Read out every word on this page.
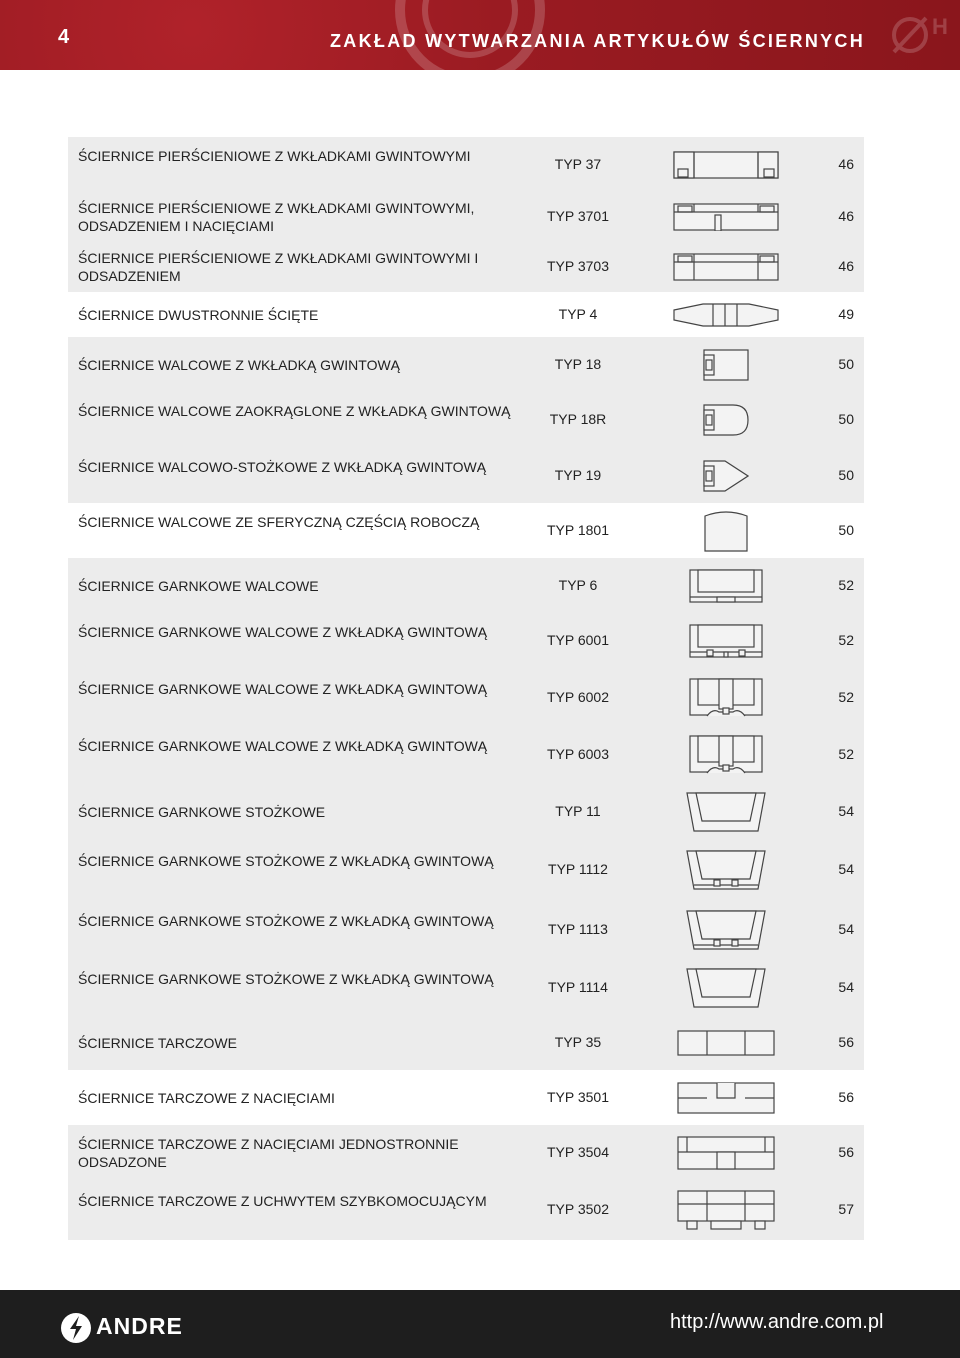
H
4	ZAKŁAD WYTWARZANIA ARTYKUŁÓW ŚCIERNYCH
ŚCIERNICE PIERŚCIENIOWE Z WKŁADKAMI GWINTOWYMI	TYP 37	46
ŚCIERNICE PIERŚCIENIOWE Z WKŁADKAMI GWINTOWYMI, ODSADZENIEM I NACIĘCIAMI
TYP 3701	46
ŚCIERNICE PIERŚCIENIOWE Z WKŁADKAMI GWINTOWYMI I ODSADZENIEM
TYP 3703	46
ŚCIERNICE DWUSTRONNIE ŚCIĘTE	TYP 4	49
ŚCIERNICE WALCOWE Z WKŁADKĄ GWINTOWĄ	TYP 18	50
ŚCIERNICE WALCOWE ZAOKRĄGLONE Z WKŁADKĄ GWINTOWĄ	TYP 18R	50
ŚCIERNICE WALCOWO-STOŻKOWE Z WKŁADKĄ GWINTOWĄ	TYP 19	50
ŚCIERNICE WALCOWE ZE SFERYCZNĄ CZĘŚCIĄ ROBOCZĄ	TYP 1801	50
ŚCIERNICE GARNKOWE WALCOWE	TYP 6	52
ŚCIERNICE GARNKOWE WALCOWE Z WKŁADKĄ GWINTOWĄ	TYP 6001	52
ŚCIERNICE GARNKOWE WALCOWE Z WKŁADKĄ GWINTOWĄ	TYP 6002	52
ŚCIERNICE GARNKOWE WALCOWE Z WKŁADKĄ GWINTOWĄ	TYP 6003	52
ŚCIERNICE GARNKOWE STOŻKOWE	TYP 11	54
ŚCIERNICE GARNKOWE STOŻKOWE Z WKŁADKĄ GWINTOWĄ	TYP 1112	54
ŚCIERNICE GARNKOWE STOŻKOWE Z WKŁADKĄ GWINTOWĄ	TYP 1113	54
ŚCIERNICE GARNKOWE STOŻKOWE Z WKŁADKĄ GWINTOWĄ	TYP 1114	54
ŚCIERNICE TARCZOWE	TYP 35	56
ŚCIERNICE TARCZOWE Z NACIĘCIAMI	TYP 3501	56
ŚCIERNICE TARCZOWE Z NACIĘCIAMI JEDNOSTRONNIE ODSADZONE
TYP 3504	56
ŚCIERNICE TARCZOWE Z UCHWYTEM SZYBKOMOCUJĄCYM	TYP 3502	57
ANDRE	http://www.andre.com.pl
